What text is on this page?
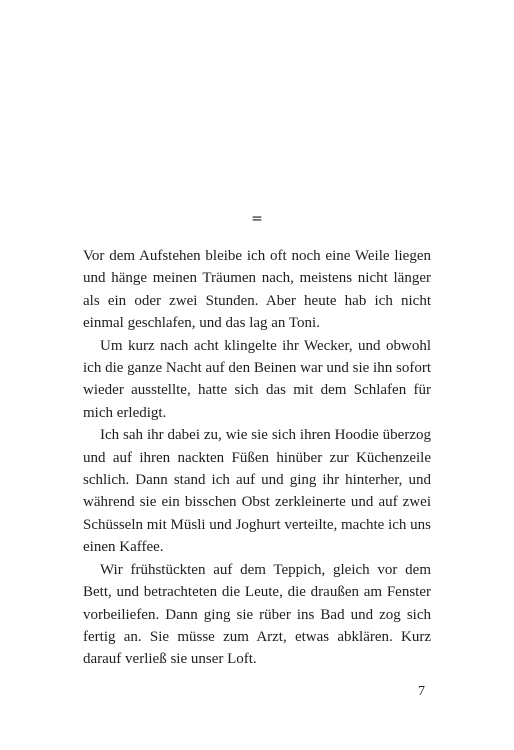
=

Vor dem Aufstehen bleibe ich oft noch eine Weile liegen und hänge meinen Träumen nach, meistens nicht länger als ein oder zwei Stunden. Aber heute hab ich nicht einmal geschlafen, und das lag an Toni.

Um kurz nach acht klingelte ihr Wecker, und obwohl ich die ganze Nacht auf den Beinen war und sie ihn sofort wieder ausstellte, hatte sich das mit dem Schlafen für mich erledigt.

Ich sah ihr dabei zu, wie sie sich ihren Hoodie überzog und auf ihren nackten Füßen hinüber zur Küchenzeile schlich. Dann stand ich auf und ging ihr hinterher, und während sie ein bisschen Obst zerkleinerte und auf zwei Schüsseln mit Müsli und Joghurt verteilte, machte ich uns einen Kaffee.

Wir frühstückten auf dem Teppich, gleich vor dem Bett, und betrachteten die Leute, die draußen am Fenster vorbeiliefen. Dann ging sie rüber ins Bad und zog sich fertig an. Sie müsse zum Arzt, etwas abklären. Kurz darauf verließ sie unser Loft.

7
